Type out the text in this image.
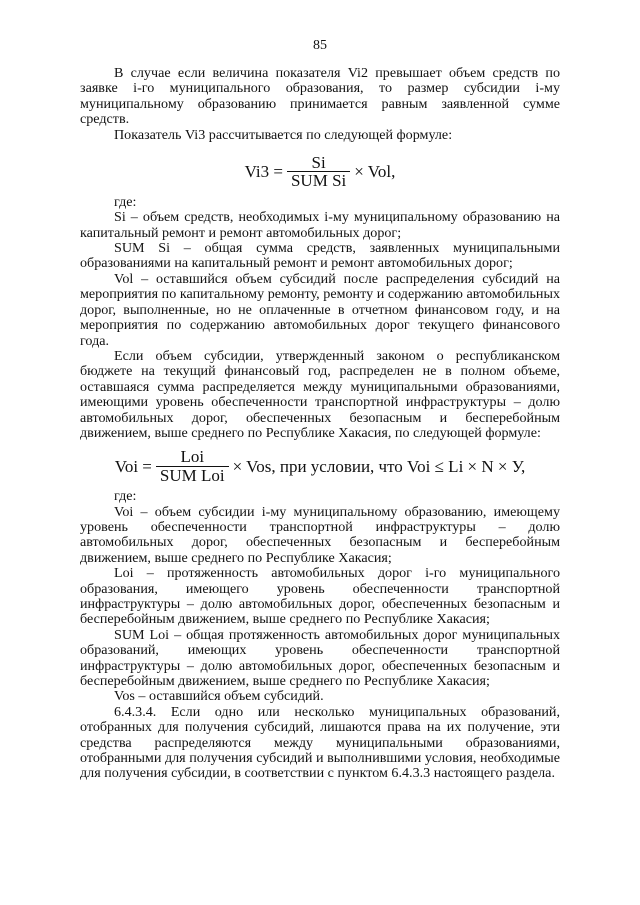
85

В случае если величина показателя Vi2 превышает объем средств по заявке i-го муниципального образования, то размер субсидии i-му муниципальному образованию принимается равным заявленной сумме средств.

Показатель Vi3 рассчитывается по следующей формуле:

$Vi3 = \frac{Si}{\text{SUM Si}}$ × Vol,

где:

Si – объем средств, необходимых i-му муниципальному образованию на капитальный ремонт и ремонт автомобильных дорог;

SUM Si – общая сумма средств, заявленных муниципальными образованиями на капитальный ремонт и ремонт автомобильных дорог;

Vol – оставшийся объем субсидий после распределения субсидий на мероприятия по капитальному ремонту, ремонту и содержанию автомобильных дорог, выполненные, но не оплаченные в отчетном финансовом году, и на мероприятия по содержанию автомобильных дорог текущего финансового года.

Если объем субсидии, утвержденный законом о республиканском бюджете на текущий финансовый год, распределен не в полном объеме, оставшаяся сумма распределяется между муниципальными образованиями, имеющими уровень обеспеченности транспортной инфраструктуры – долю автомобильных дорог, обеспеченных безопасным и бесперебойным движением, выше среднего по Республике Хакасия, по следующей формуле:

Voi = $\frac{\text{Loi}}{\text{SUM Loi}}$ × Vos, при условии, что Voi ≤ Li × N × У,

где:

Voi – объем субсидии i-му муниципальному образованию, имеющему уровень обеспеченности транспортной инфраструктуры – долю автомобильных дорог, обеспеченных безопасным и бесперебойным движением, выше среднего по Республике Хакасия;

Loi – протяженность автомобильных дорог i-го муниципального образования, имеющего уровень обеспеченности транспортной инфраструктуры – долю автомобильных дорог, обеспеченных безопасным и бесперебойным движением, выше среднего по Республике Хакасия;

SUM Loi – общая протяженность автомобильных дорог муниципальных образований, имеющих уровень обеспеченности транспортной инфраструктуры – долю автомобильных дорог, обеспеченных безопасным и бесперебойным движением, выше среднего по Республике Хакасия;

Vos – оставшийся объем субсидий.

6.4.3.4. Если одно или несколько муниципальных образований, отобранных для получения субсидий, лишаются права на их получение, эти средства распределяются между муниципальными образованиями, отобранными для получения субсидий и выполнившими условия, необходимые для получения субсидии, в соответствии с пунктом 6.4.3.3 настоящего раздела.
